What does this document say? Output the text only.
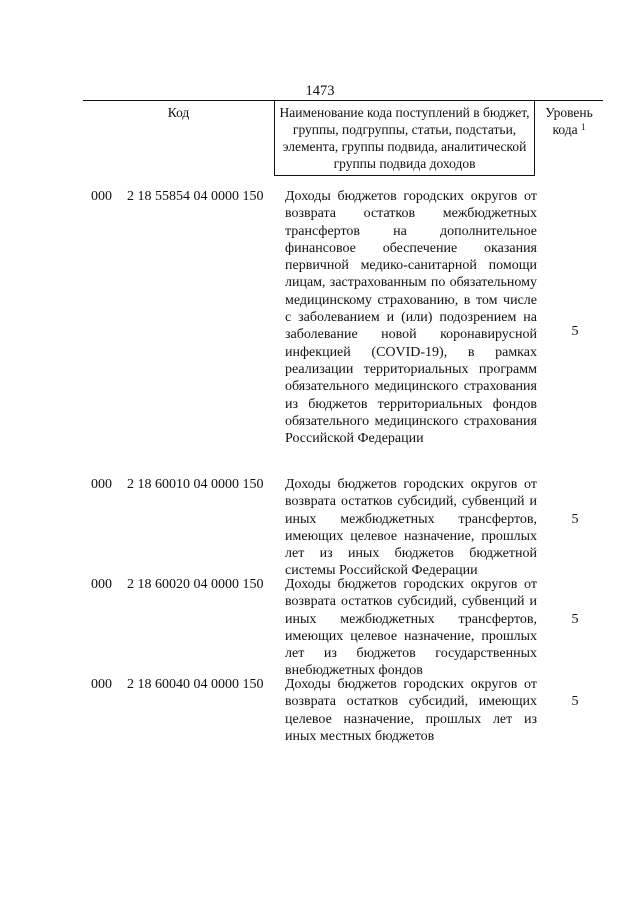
1473
Код	Наименование кода поступлений в бюджет, группы, подгруппы, статьи, подстатьи, элемента, группы подвида, аналитической группы подвида доходов	Уровень
кода $^1$
000 2 18 55854 04 0000 150 Доходы бюджетов городских округов от возврата остатков межбюджетных трансфертов на дополнительное финансовое обеспечение оказания первичной медико-санитарной помощи лицам, застрахованным по обязательному медицинскому страхованию, в том числе с заболеванием и (или) подозрением на заболевание новой коронавирусной инфекцией (COVID-19), в рамках реализации территориальных программ обязательного медицинского страхования из бюджетов территориальных фондов обязательного медицинского страхования Российской Федерации
5
000 2 18 60010 04 0000 150 Доходы бюджетов городских округов от возврата остатков субсидий, субвенций и иных межбюджетных трансфертов, имеющих целевое назначение, прошлых лет из иных бюджетов бюджетной системы Российской Федерации
5
000 2 18 60020 04 0000 150 Доходы бюджетов городских округов от возврата остатков субсидий, субвенций и иных межбюджетных трансфертов, имеющих целевое назначение, прошлых лет из бюджетов государственных внебюджетных фондов
5
000 2 18 60040 04 0000 150 Доходы бюджетов городских округов от возврата остатков субсидий, имеющих целевое назначение, прошлых лет из иных местных бюджетов
5
